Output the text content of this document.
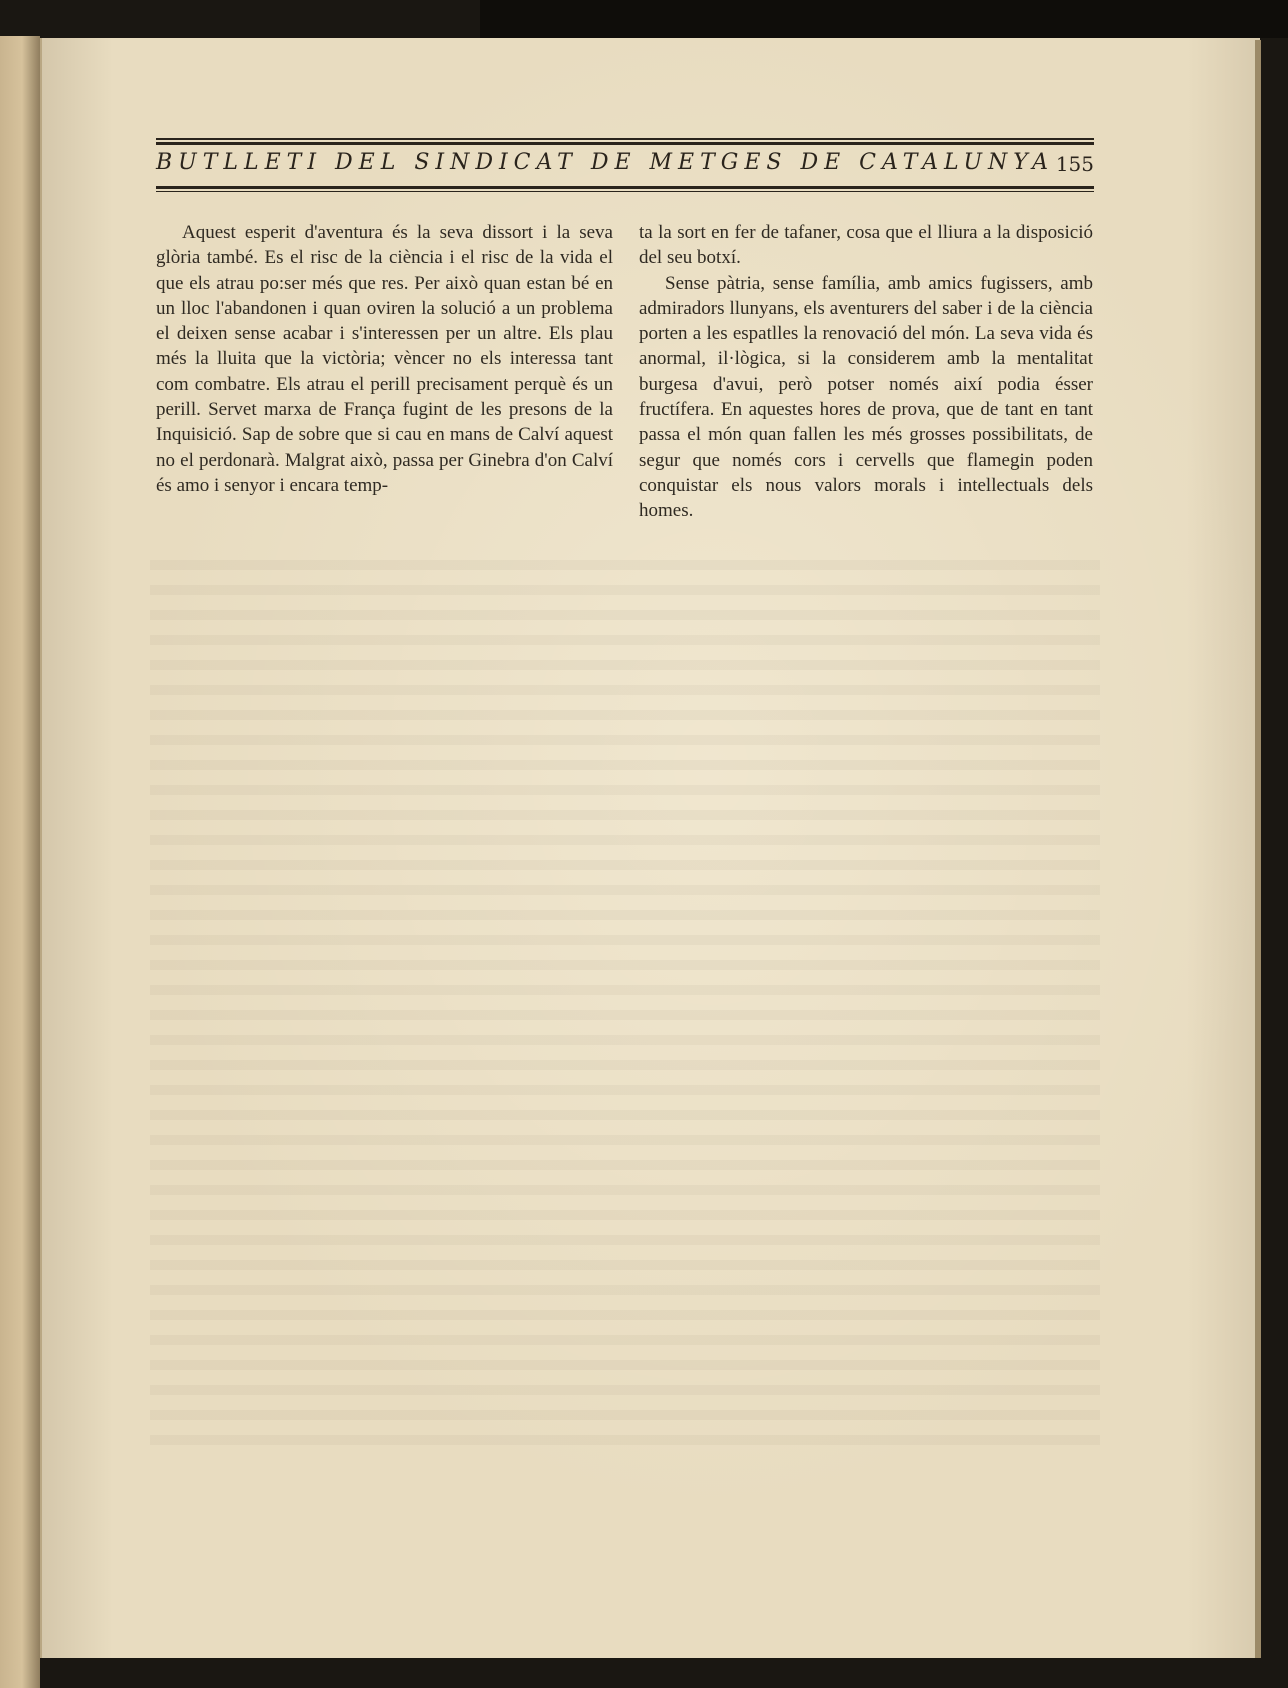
BUTLLETI DEL SINDICAT DE METGES DE CATALUNYA 155

Aquest esperit d'aventura és la seva dissort i la seva glòria també. Es el risc de la ciència i el risc de la vida el que els atrau po:ser més que res. Per això quan estan bé en un lloc l'abandonen i quan oviren la solució a un problema el deixen sense acabar i s'interessen per un altre. Els plau més la lluita que la victòria; vèncer no els interessa tant com combatre. Els atrau el perill precisament perquè és un perill. Servet marxa de França fugint de les presons de la Inquisició. Sap de sobre que si cau en mans de Calví aquest no el perdonarà. Malgrat això, passa per Ginebra d'on Calví és amo i senyor i encara temp-

ta la sort en fer de tafaner, cosa que el lliura a la disposició del seu botxí.

Sense pàtria, sense família, amb amics fugissers, amb admiradors llunyans, els aventurers del saber i de la ciència porten a les espatlles la renovació del món. La seva vida és anormal, il·lògica, si la considerem amb la mentalitat burgesa d'avui, però potser només així podia ésser fructífera. En aquestes hores de prova, que de tant en tant passa el món quan fallen les més grosses possibilitats, de segur que només cors i cervells que flamegin poden conquistar els nous valors morals i intellectuals dels homes.
